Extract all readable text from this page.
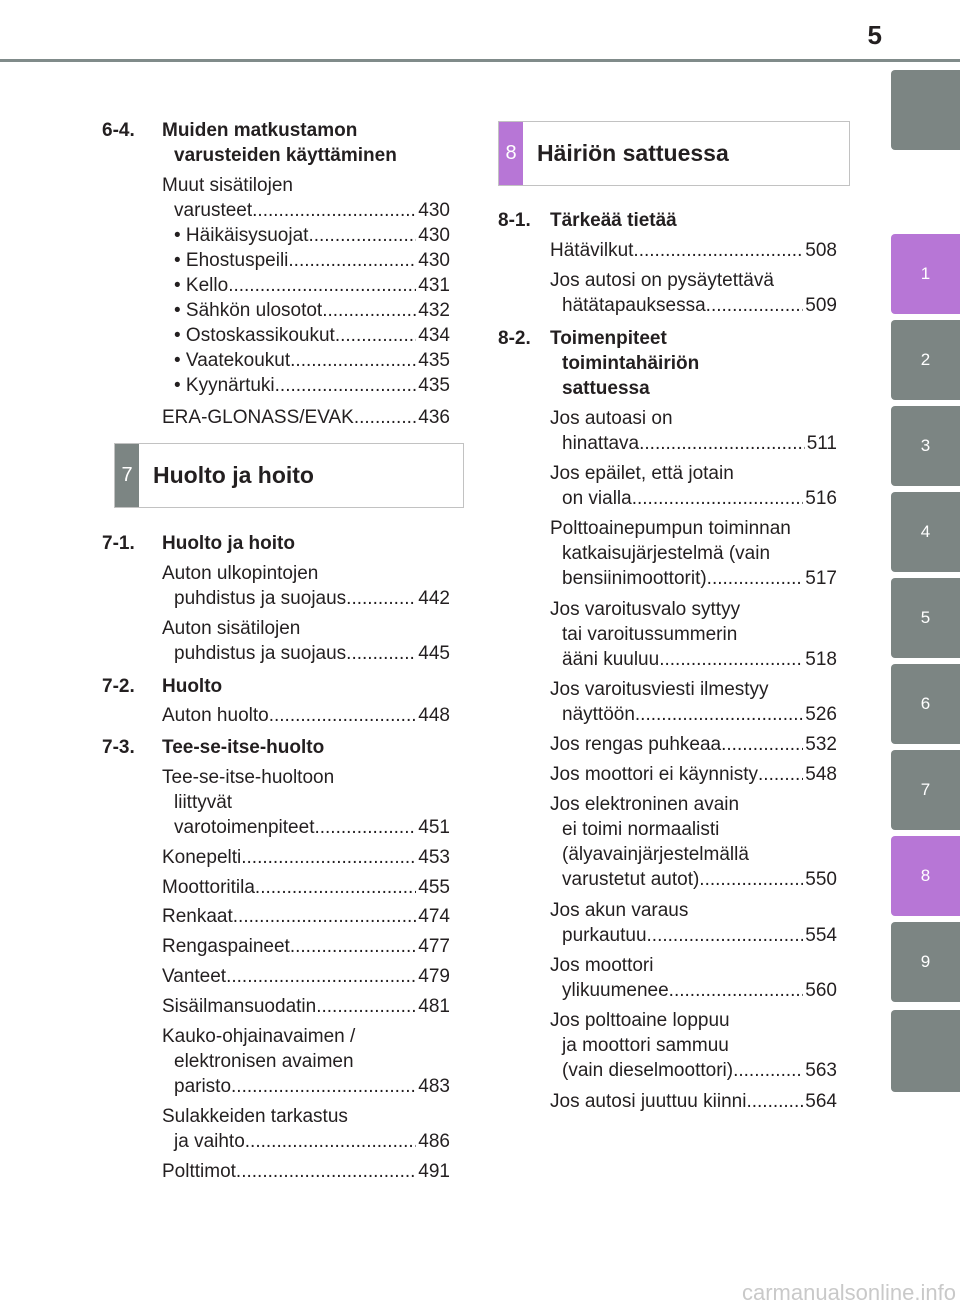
5
1
2
3
4
5
6
7
8
9
6-4.	Muiden matkustamon
varusteiden käyttäminen
Muut sisätilojen
varusteet .....	430
• Häikäisysuojat .....	430
• Ehostuspeili .....	430
• Kello .....	431
• Sähkön ulosotot .....	432
• Ostoskassikoukut .....	434
• Vaatekoukut .....	435
• Kyynärtuki .....	435
ERA-GLONASS/EVAK .....	436
7 Huolto ja hoito
7-1.	Huolto ja hoito
Auton ulkopintojen
puhdistus ja suojaus .....	442
Auton sisätilojen
puhdistus ja suojaus .....	445
7-2.	Huolto
Auton huolto .....	448
7-3.	Tee-se-itse-huolto
Tee-se-itse-huoltoon
liittyvät
varotoimenpiteet .....	451
Konepelti .....	453
Moottoritila .....	455
Renkaat .....	474
Rengaspaineet .....	477
Vanteet .....	479
Sisäilmansuodatin .....	481
Kauko-ohjainavaimen /
elektronisen avaimen
paristo .....	483
Sulakkeiden tarkastus
ja vaihto .....	486
Polttimot .....	491
8 Häiriön sattuessa
8-1.	Tärkeää tietää
Hätävilkut .....	508
Jos autosi on pysäytettävä
hätätapauksessa .....	509
8-2.	Toimenpiteet
toimintahäiriön
sattuessa
Jos autoasi on
hinattava .....	511
Jos epäilet, että jotain
on vialla .....	516
Polttoainepumpun toiminnan
katkaisujärjestelmä (vain
bensiinimoottorit) .....	517
Jos varoitusvalo syttyy
tai varoitussummerin
ääni kuuluu .....	518
Jos varoitusviesti ilmestyy
näyttöön .....	526
Jos rengas puhkeaa .....	532
Jos moottori ei käynnisty ..... 548
Jos elektroninen avain
ei toimi normaalisti
(älyavainjärjestelmällä
varustetut autot) .....	550
Jos akun varaus
purkautuu .....	554
Jos moottori
ylikuumenee .....	560
Jos polttoaine loppuu
ja moottori sammuu
(vain dieselmoottori) .....	563
Jos autosi juuttuu kiinni .....	564
carmanualsonline.info
